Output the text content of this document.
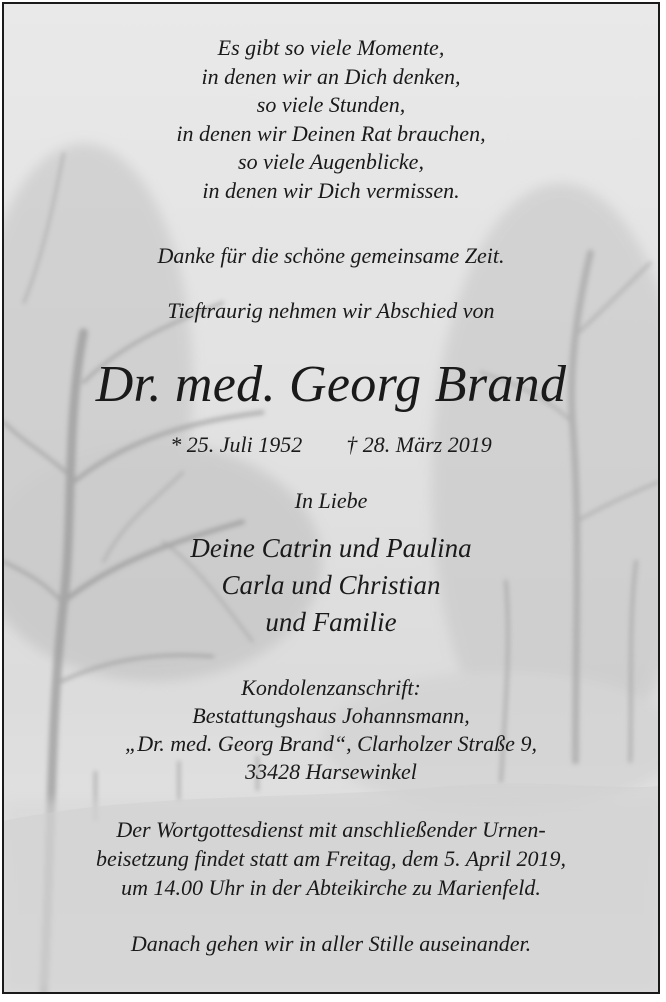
Es gibt so viele Momente,
in denen wir an Dich denken,
so viele Stunden,
in denen wir Deinen Rat brauchen,
so viele Augenblicke,
in denen wir Dich vermissen.
Danke für die schöne gemeinsame Zeit.
Tieftraurig nehmen wir Abschied von
Dr. med. Georg Brand
* 25. Juli 1952 † 28. März 2019
In Liebe
Deine Catrin und Paulina
Carla und Christian
und Familie
Kondolenzanschrift:
Bestattungshaus Johannsmann,
„Dr. med. Georg Brand“, Clarholzer Straße 9,
33428 Harsewinkel
Der Wortgottesdienst mit anschließender Urnen-
beisetzung findet statt am Freitag, dem 5. April 2019,
um 14.00 Uhr in der Abteikirche zu Marienfeld.
Danach gehen wir in aller Stille auseinander.
